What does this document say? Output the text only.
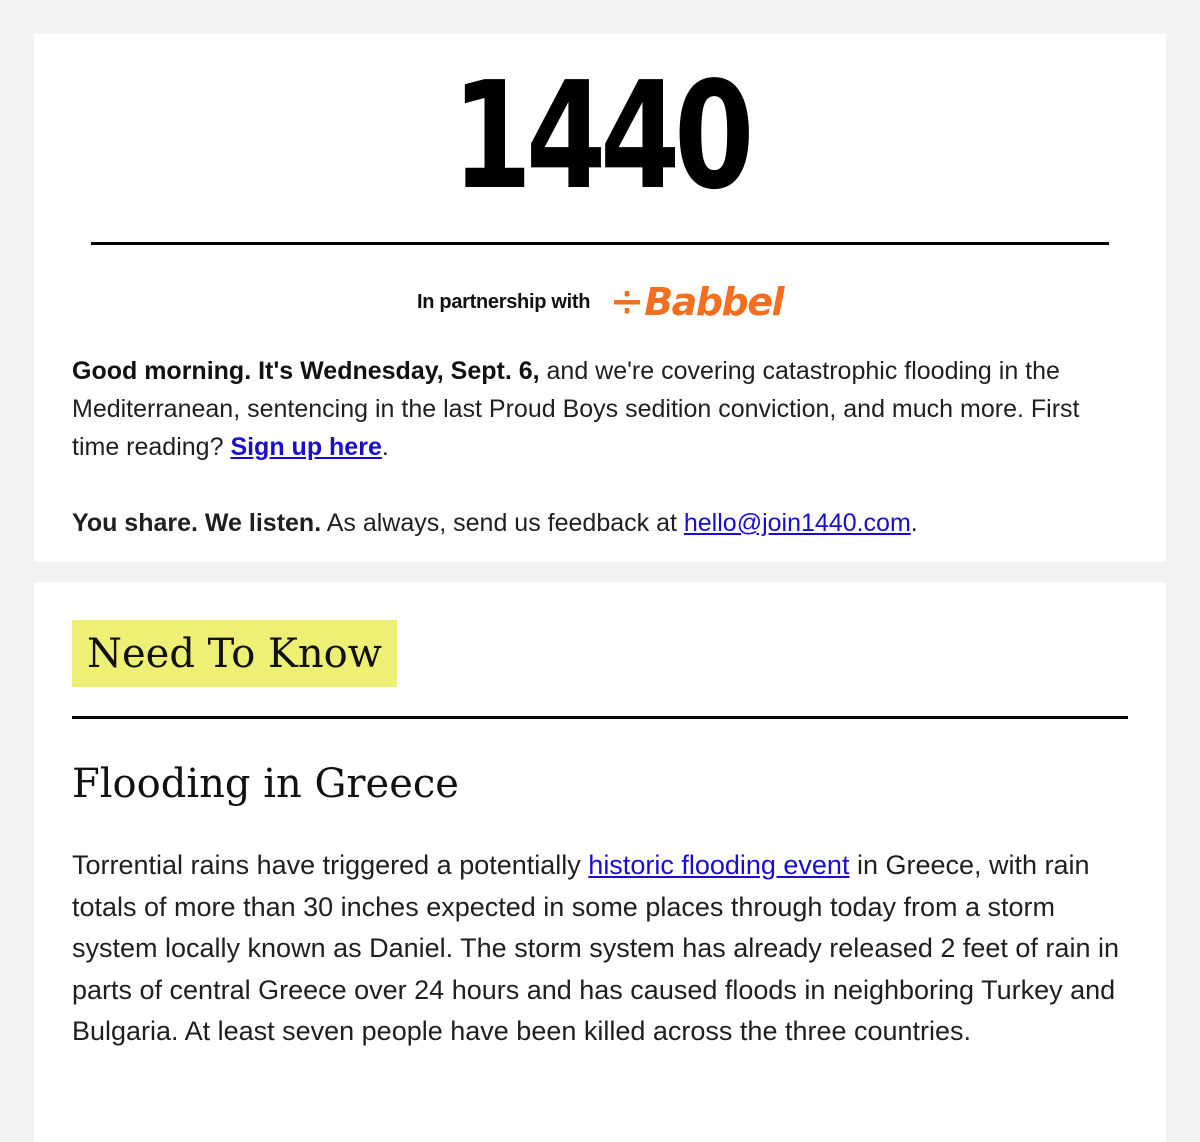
1440
In partnership with Babbel
Good morning. It's Wednesday, Sept. 6, and we're covering catastrophic flooding in the Mediterranean, sentencing in the last Proud Boys sedition conviction, and much more. First time reading? Sign up here.
You share. We listen. As always, send us feedback at hello@join1440.com.
Need To Know
Flooding in Greece
Torrential rains have triggered a potentially historic flooding event in Greece, with rain totals of more than 30 inches expected in some places through today from a storm system locally known as Daniel. The storm system has already released 2 feet of rain in parts of central Greece over 24 hours and has caused floods in neighboring Turkey and Bulgaria. At least seven people have been killed across the three countries.
